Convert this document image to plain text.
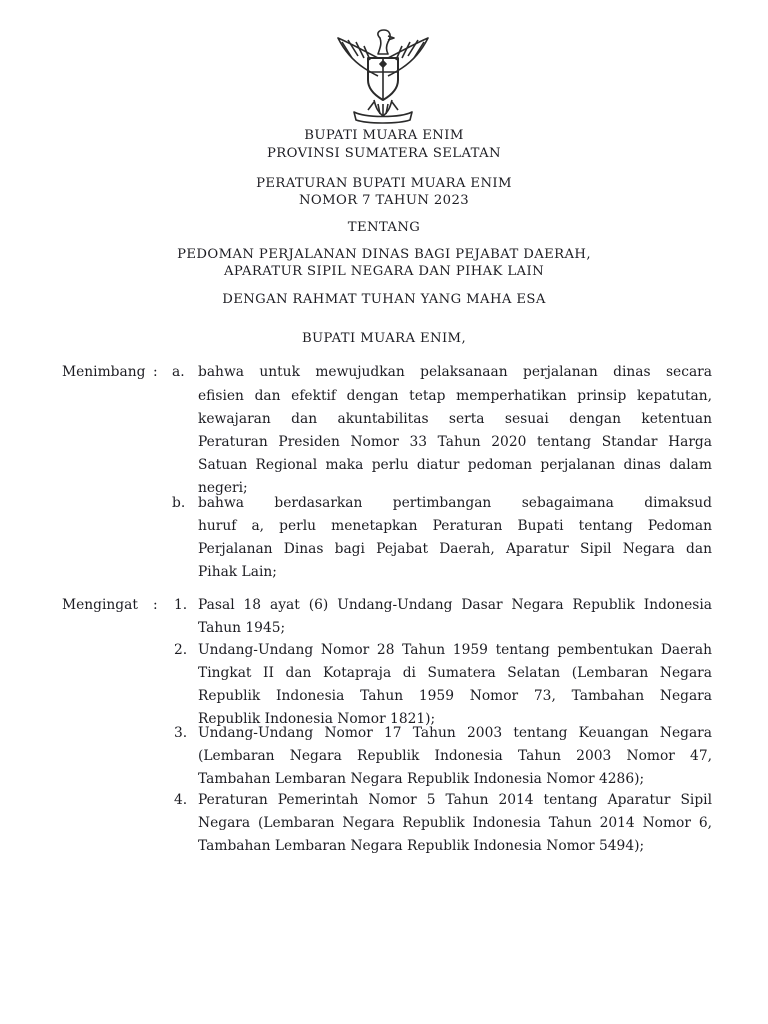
BUPATI MUARA ENIM
PROVINSI SUMATERA SELATAN
PERATURAN BUPATI MUARA ENIM
NOMOR 7 TAHUN 2023
TENTANG
PEDOMAN PERJALANAN DINAS BAGI PEJABAT DAERAH,
APARATUR SIPIL NEGARA DAN PIHAK LAIN
DENGAN RAHMAT TUHAN YANG MAHA ESA
BUPATI MUARA ENIM,
Menimbang : a. bahwa untuk mewujudkan pelaksanaan perjalanan dinas secara
efisien dan efektif dengan tetap memperhatikan prinsip kepatutan,
kewajaran dan akuntabilitas serta sesuai dengan ketentuan
Peraturan Presiden Nomor 33 Tahun 2020 tentang Standar Harga
Satuan Regional maka perlu diatur pedoman perjalanan dinas dalam
negeri;
b. bahwa berdasarkan pertimbangan sebagaimana dimaksud
huruf a, perlu menetapkan Peraturan Bupati tentang Pedoman
Perjalanan Dinas bagi Pejabat Daerah, Aparatur Sipil Negara dan
Pihak Lain;
Mengingat : 1. Pasal 18 ayat (6) Undang-Undang Dasar Negara Republik Indonesia
Tahun 1945;
2. Undang-Undang Nomor 28 Tahun 1959 tentang pembentukan Daerah
Tingkat II dan Kotapraja di Sumatera Selatan (Lembaran Negara
Republik Indonesia Tahun 1959 Nomor 73, Tambahan Negara
Republik Indonesia Nomor 1821);
3. Undang-Undang Nomor 17 Tahun 2003 tentang Keuangan Negara
(Lembaran Negara Republik Indonesia Tahun 2003 Nomor 47,
Tambahan Lembaran Negara Republik Indonesia Nomor 4286);
4. Peraturan Pemerintah Nomor 5 Tahun 2014 tentang Aparatur Sipil
Negara (Lembaran Negara Republik Indonesia Tahun 2014 Nomor 6,
Tambahan Lembaran Negara Republik Indonesia Nomor 5494);
